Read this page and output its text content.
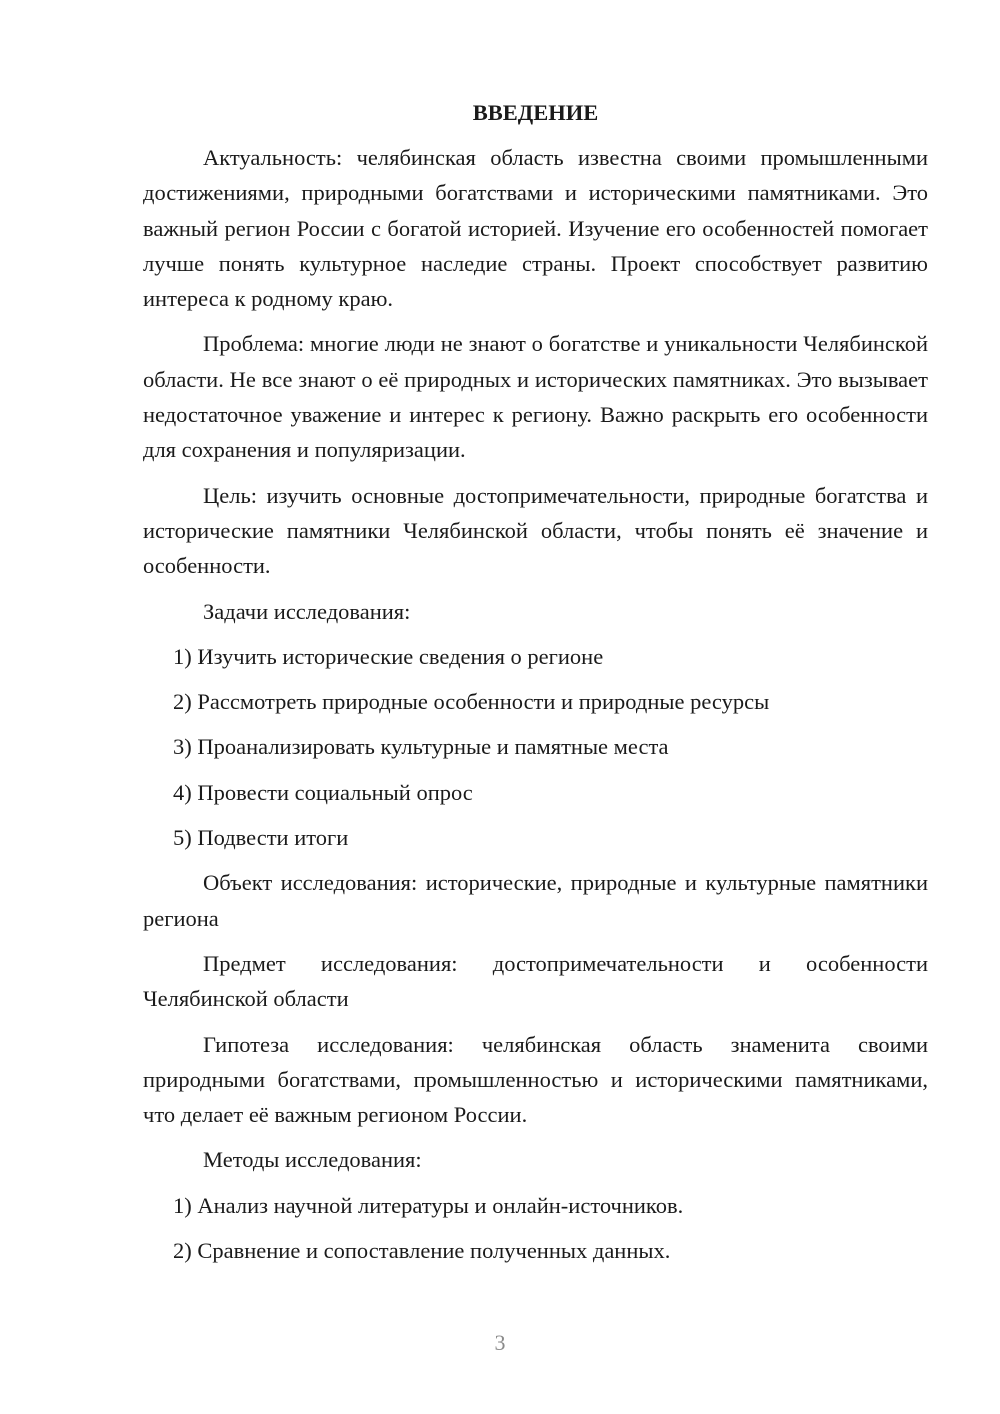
ВВЕДЕНИЕ
Актуальность: челябинская область известна своими промышленными достижениями, природными богатствами и историческими памятниками. Это важный регион России с богатой историей. Изучение его особенностей помогает лучше понять культурное наследие страны. Проект способствует развитию интереса к родному краю.
Проблема: многие люди не знают о богатстве и уникальности Челябинской области. Не все знают о её природных и исторических памятниках. Это вызывает недостаточное уважение и интерес к региону. Важно раскрыть его особенности для сохранения и популяризации.
Цель: изучить основные достопримечательности, природные богатства и исторические памятники Челябинской области, чтобы понять её значение и особенности.
Задачи исследования:
1) Изучить исторические сведения о регионе
2) Рассмотреть природные особенности и природные ресурсы
3) Проанализировать культурные и памятные места
4) Провести социальный опрос
5) Подвести итоги
Объект исследования: исторические, природные и культурные памятники региона
Предмет исследования: достопримечательности и особенности Челябинской области
Гипотеза исследования: челябинская область знаменита своими природными богатствами, промышленностью и историческими памятниками, что делает её важным регионом России.
Методы исследования:
1) Анализ научной литературы и онлайн-источников.
2) Сравнение и сопоставление полученных данных.
3
